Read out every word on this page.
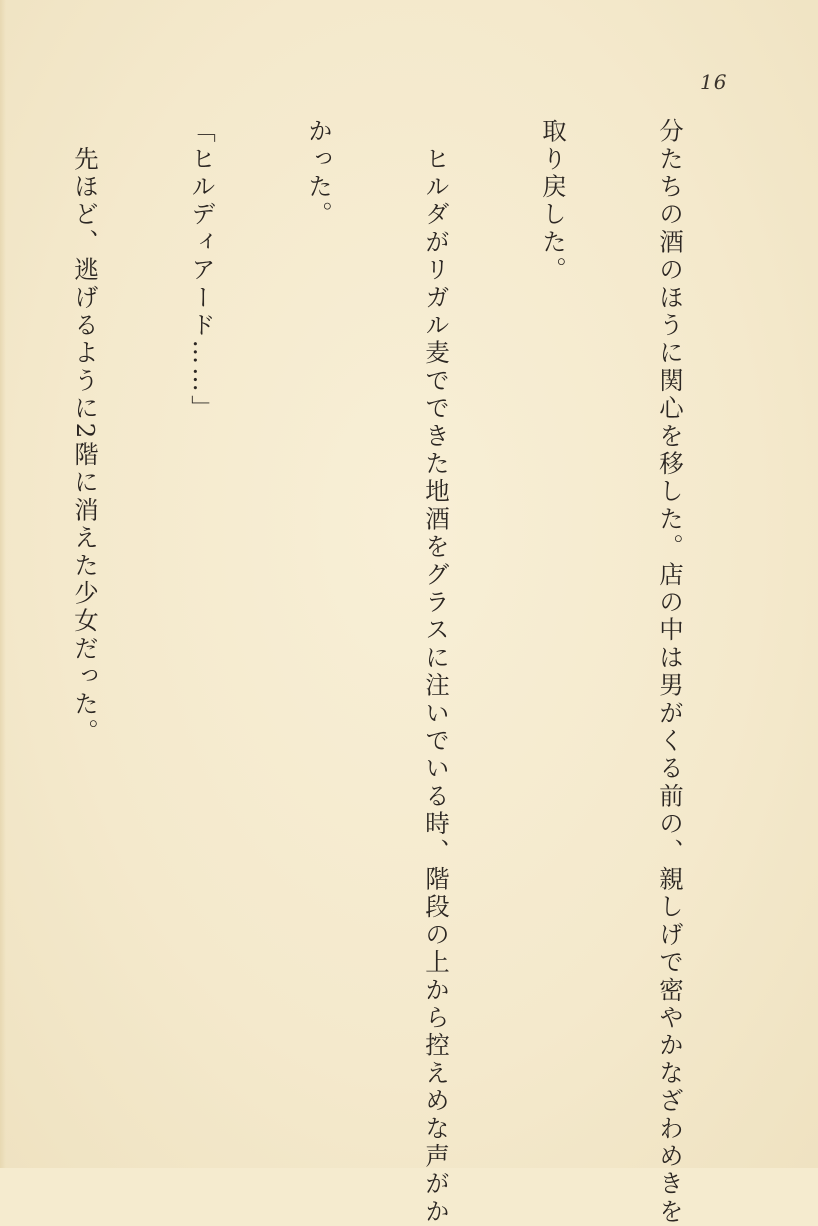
16

分たちの酒のほうに関心を移した。店の中は男がくる前の、親しげで密やかなざわめきを

取り戻した。

　ヒルダがリガル麦でできた地酒をグラスに注いでいる時、階段の上から控えめな声がか

かった。

「ヒルディアード……」

　先ほど、逃げるように2階に消えた少女だった。
